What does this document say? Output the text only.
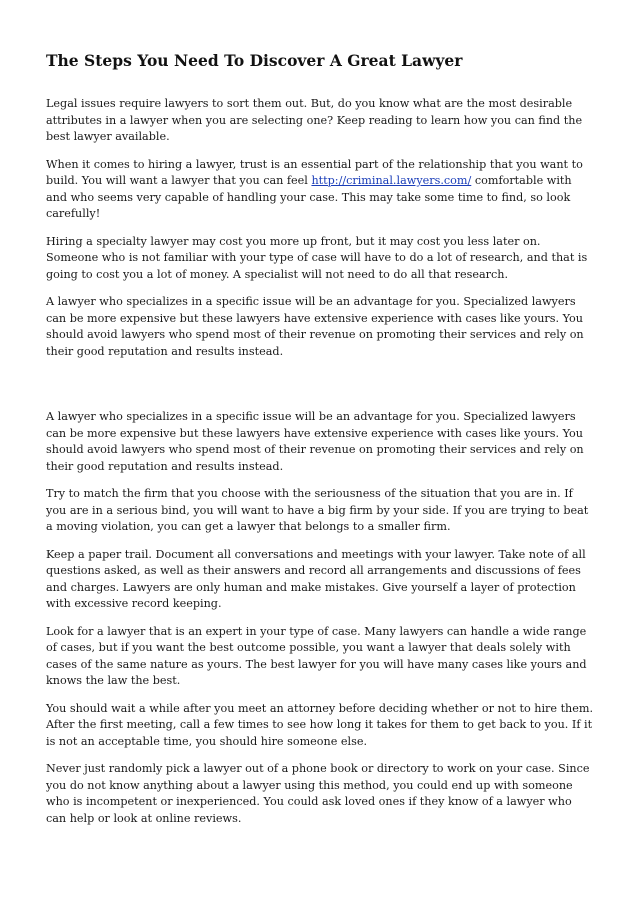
The Steps You Need To Discover A Great Lawyer

Legal issues require lawyers to sort them out. But, do you know what are the most desirable attributes in a lawyer when you are selecting one? Keep reading to learn how you can find the best lawyer available.

When it comes to hiring a lawyer, trust is an essential part of the relationship that you want to build. You will want a lawyer that you can feel http://criminal.lawyers.com/ comfortable with and who seems very capable of handling your case. This may take some time to find, so look carefully!

Hiring a specialty lawyer may cost you more up front, but it may cost you less later on. Someone who is not familiar with your type of case will have to do a lot of research, and that is going to cost you a lot of money. A specialist will not need to do all that research.

A lawyer who specializes in a specific issue will be an advantage for you. Specialized lawyers can be more expensive but these lawyers have extensive experience with cases like yours. You should avoid lawyers who spend most of their revenue on promoting their services and rely on their good reputation and results instead.

A lawyer who specializes in a specific issue will be an advantage for you. Specialized lawyers can be more expensive but these lawyers have extensive experience with cases like yours. You should avoid lawyers who spend most of their revenue on promoting their services and rely on their good reputation and results instead.

Try to match the firm that you choose with the seriousness of the situation that you are in. If you are in a serious bind, you will want to have a big firm by your side. If you are trying to beat a moving violation, you can get a lawyer that belongs to a smaller firm.

Keep a paper trail. Document all conversations and meetings with your lawyer. Take note of all questions asked, as well as their answers and record all arrangements and discussions of fees and charges. Lawyers are only human and make mistakes. Give yourself a layer of protection with excessive record keeping.

Look for a lawyer that is an expert in your type of case. Many lawyers can handle a wide range of cases, but if you want the best outcome possible, you want a lawyer that deals solely with cases of the same nature as yours. The best lawyer for you will have many cases like yours and knows the law the best.

You should wait a while after you meet an attorney before deciding whether or not to hire them. After the first meeting, call a few times to see how long it takes for them to get back to you. If it is not an acceptable time, you should hire someone else.

Never just randomly pick a lawyer out of a phone book or directory to work on your case. Since you do not know anything about a lawyer using this method, you could end up with someone who is incompetent or inexperienced. You could ask loved ones if they know of a lawyer who can help or look at online reviews.
